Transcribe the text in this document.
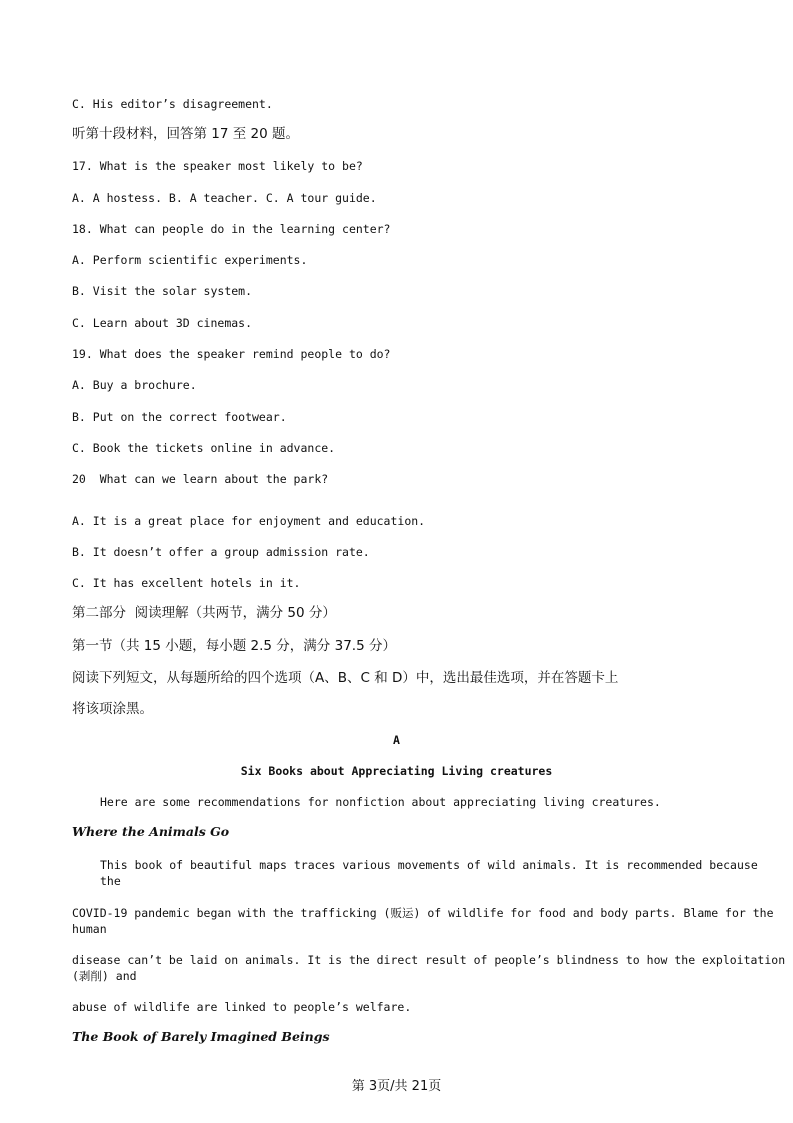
C. His editor’s disagreement.
听第十段材料，回答第 17 至 20 题。
17. What is the speaker most likely to be?
A. A hostess. B. A teacher. C. A tour guide.
18. What can people do in the learning center?
A. Perform scientific experiments.
B. Visit the solar system.
C. Learn about 3D cinemas.
19. What does the speaker remind people to do?
A. Buy a brochure.
B. Put on the correct footwear.
C. Book the tickets online in advance.
20  What can we learn about the park?
A. It is a great place for enjoyment and education.
B. It doesn’t offer a group admission rate.
C. It has excellent hotels in it.
第二部分  阅读理解（共两节，满分 50 分）
第一节（共 15 小题，每小题 2.5 分，满分 37.5 分）
阅读下列短文，从每题所给的四个选项（A、B、C 和 D）中，选出最佳选项，并在答题卡上
将该项涂黑。
A
Six Books about Appreciating Living creatures
Here are some recommendations for nonfiction about appreciating living creatures.
Where the Animals Go
This book of beautiful maps traces various movements of wild animals. It is recommended because the
COVID-19 pandemic began with the trafficking (贩运) of wildlife for food and body parts. Blame for the human
disease can’t be laid on animals. It is the direct result of people’s blindness to how the exploitation (剥削) and
abuse of wildlife are linked to people’s welfare.
The Book of Barely Imagined Beings
第 3页/共 21页
